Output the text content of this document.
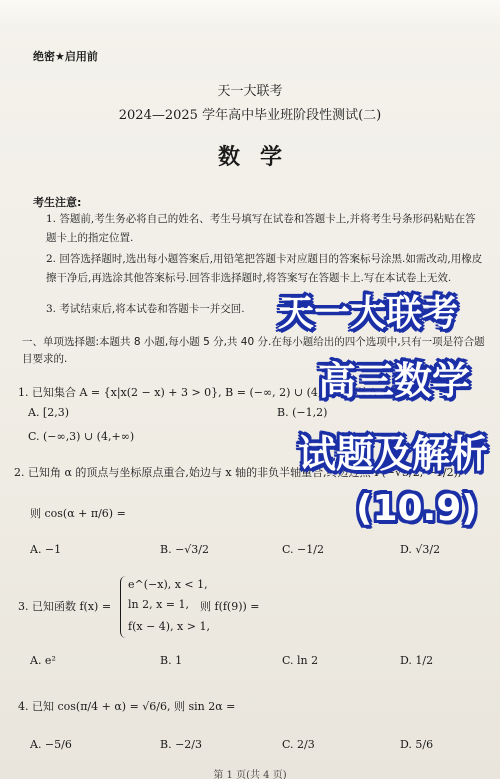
绝密★启用前
天一大联考
2024—2025 学年高中毕业班阶段性测试(二)
数学
考生注意:
1. 答题前,考生务必将自己的姓名、考生号填写在试卷和答题卡上,并将考生号条形码粘贴在答题卡上的指定位置.
2. 回答选择题时,选出每小题答案后,用铅笔把答题卡对应题目的答案标号涂黑.如需改动,用橡皮擦干净后,再选涂其他答案标号.回答非选择题时,将答案写在答题卡上.写在本试卷上无效.
3. 考试结束后,将本试卷和答题卡一并交回.
一、单项选择题:本题共 8 小题,每小题 5 分,共 40 分.在每小题给出的四个选项中,只有一项是符合题目要求的.
1. 已知集合 A = {x|x(2 − x) + 3 > 0}, B = (−∞, 2) ∪ (4, +∞), 则 A ∩ B =
A. [2,3)	B. (−1,2)
C. (−∞,3) ∪ (4,+∞)
2. 已知角 α 的顶点与坐标原点重合,始边与 x 轴的非负半轴重合,终边过点 P(−√3/2, −1/2),
则 cos(α + π/6) =
A. −1	B. −√3/2	C. −1/2	D. √3/2
3. 已知函数 f(x) =
e^(−x), x < 1,
ln 2, x = 1,
f(x − 4), x > 1,
则 f(f(9)) =
A. e²	B. 1	C. ln 2	D. 1/2
4. 已知 cos(π/4 + α) = √6/6, 则 sin 2α =
A. −5/6	B. −2/3	C. 2/3	D. 5/6
天一大联考
高三数学
试题及解析
(10.9)
第 1 页(共 4 页)
